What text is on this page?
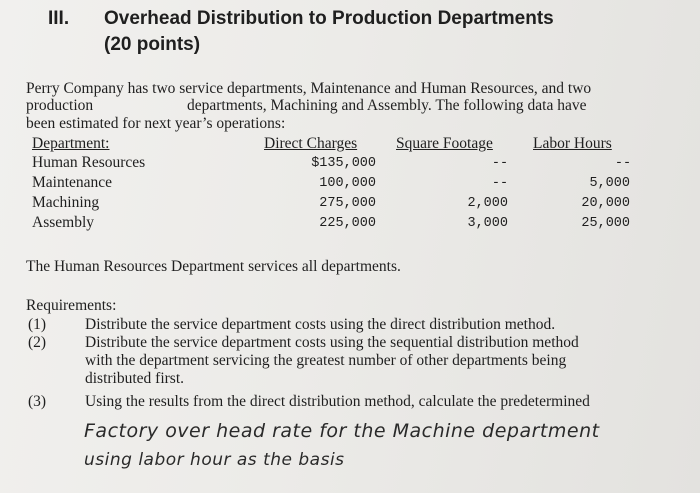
III. Overhead Distribution to Production Departments
(20 points)
Perry Company has two service departments, Maintenance and Human Resources, and two
production	departments, Machining and Assembly. The following data have
been estimated for next year’s operations:
Department:	Direct Charges	Square Footage	Labor Hours
Human Resources	$135,000	--	--
Maintenance	100,000	--	5,000
Machining	275,000	2,000	20,000
Assembly	225,000	3,000	25,000
The Human Resources Department services all departments.
Requirements:
(1)	Distribute the service department costs using the direct distribution method.
(2)	Distribute the service department costs using the sequential distribution method
with the department servicing the greatest number of other departments being
distributed first.
(3)	Using the results from the direct distribution method, calculate the predetermined
Factory over head rate for the Machine department
using labor hour as the basis
